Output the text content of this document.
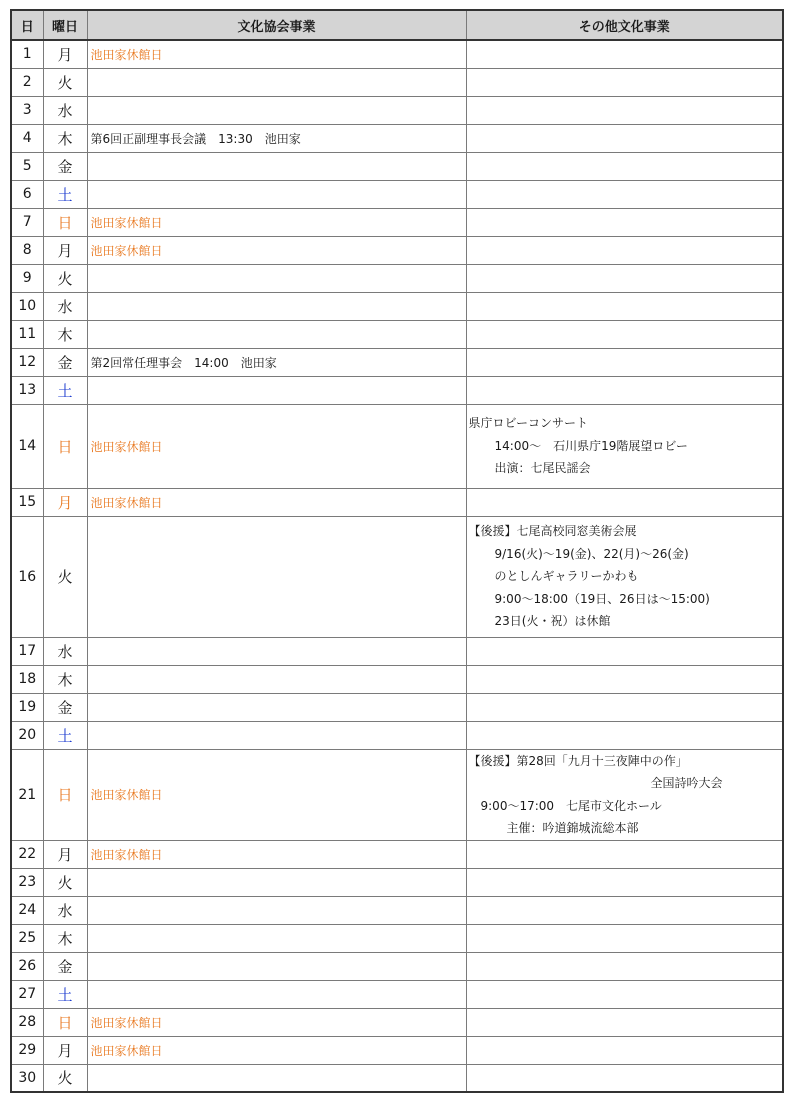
日	曜日	文化協会事業	その他文化事業
1	月	池田家休館日	
2	火		
3	水		
4	木	第6回正副理事長会議　13:30　池田家	
5	金		
6	土		
7	日	池田家休館日	
8	月	池田家休館日	
9	火		
10	水		
11	木		
12	金	第2回常任理事会　14:00　池田家	
13	土		
14	日	池田家休館日	県庁ロビーコンサート
14:00～　石川県庁19階展望ロビー
出演：七尾民謡会

15	月	池田家休館日	
16	火		【後援】七尾高校同窓美術会展
9/16(火)～19(金)、22(月)～26(金)
のとしんギャラリーかわも
9:00～18:00（19日、26日は～15:00)
23日(火・祝）は休館

17	水		
18	木		
19	金		
20	土		
21	日	池田家休館日	【後援】第28回「九月十三夜陣中の作」
全国詩吟大会
9:00～17:00　七尾市文化ホール
主催：吟道錦城流総本部

22	月	池田家休館日	
23	火		
24	水		
25	木		
26	金		
27	土		
28	日	池田家休館日	
29	月	池田家休館日	
30	火		
